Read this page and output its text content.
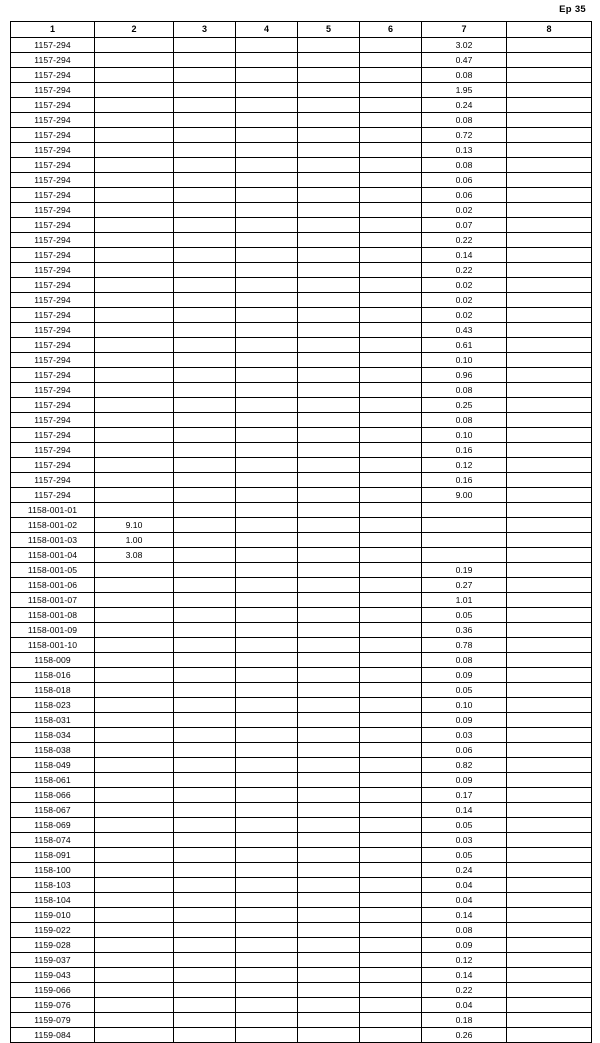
Ep 35
1	2	3	4	5	6	7	8
1157-294						3.02	
1157-294						0.47	
1157-294						0.08	
1157-294						1.95	
1157-294						0.24	
1157-294						0.08	
1157-294						0.72	
1157-294						0.13	
1157-294						0.08	
1157-294						0.06	
1157-294						0.06	
1157-294						0.02	
1157-294						0.07	
1157-294						0.22	
1157-294						0.14	
1157-294						0.22	
1157-294						0.02	
1157-294						0.02	
1157-294						0.02	
1157-294						0.43	
1157-294						0.61	
1157-294						0.10	
1157-294						0.96	
1157-294						0.08	
1157-294						0.25	
1157-294						0.08	
1157-294						0.10	
1157-294						0.16	
1157-294						0.12	
1157-294						0.16	
1157-294						9.00	
1158-001-01							
1158-001-02	9.10						
1158-001-03	1.00						
1158-001-04	3.08						
1158-001-05						0.19	
1158-001-06						0.27	
1158-001-07						1.01	
1158-001-08						0.05	
1158-001-09						0.36	
1158-001-10						0.78	
1158-009						0.08	
1158-016						0.09	
1158-018						0.05	
1158-023						0.10	
1158-031						0.09	
1158-034						0.03	
1158-038						0.06	
1158-049						0.82	
1158-061						0.09	
1158-066						0.17	
1158-067						0.14	
1158-069						0.05	
1158-074						0.03	
1158-091						0.05	
1158-100						0.24	
1158-103						0.04	
1158-104						0.04	
1159-010						0.14	
1159-022						0.08	
1159-028						0.09	
1159-037						0.12	
1159-043						0.14	
1159-066						0.22	
1159-076						0.04	
1159-079						0.18	
1159-084						0.26	
